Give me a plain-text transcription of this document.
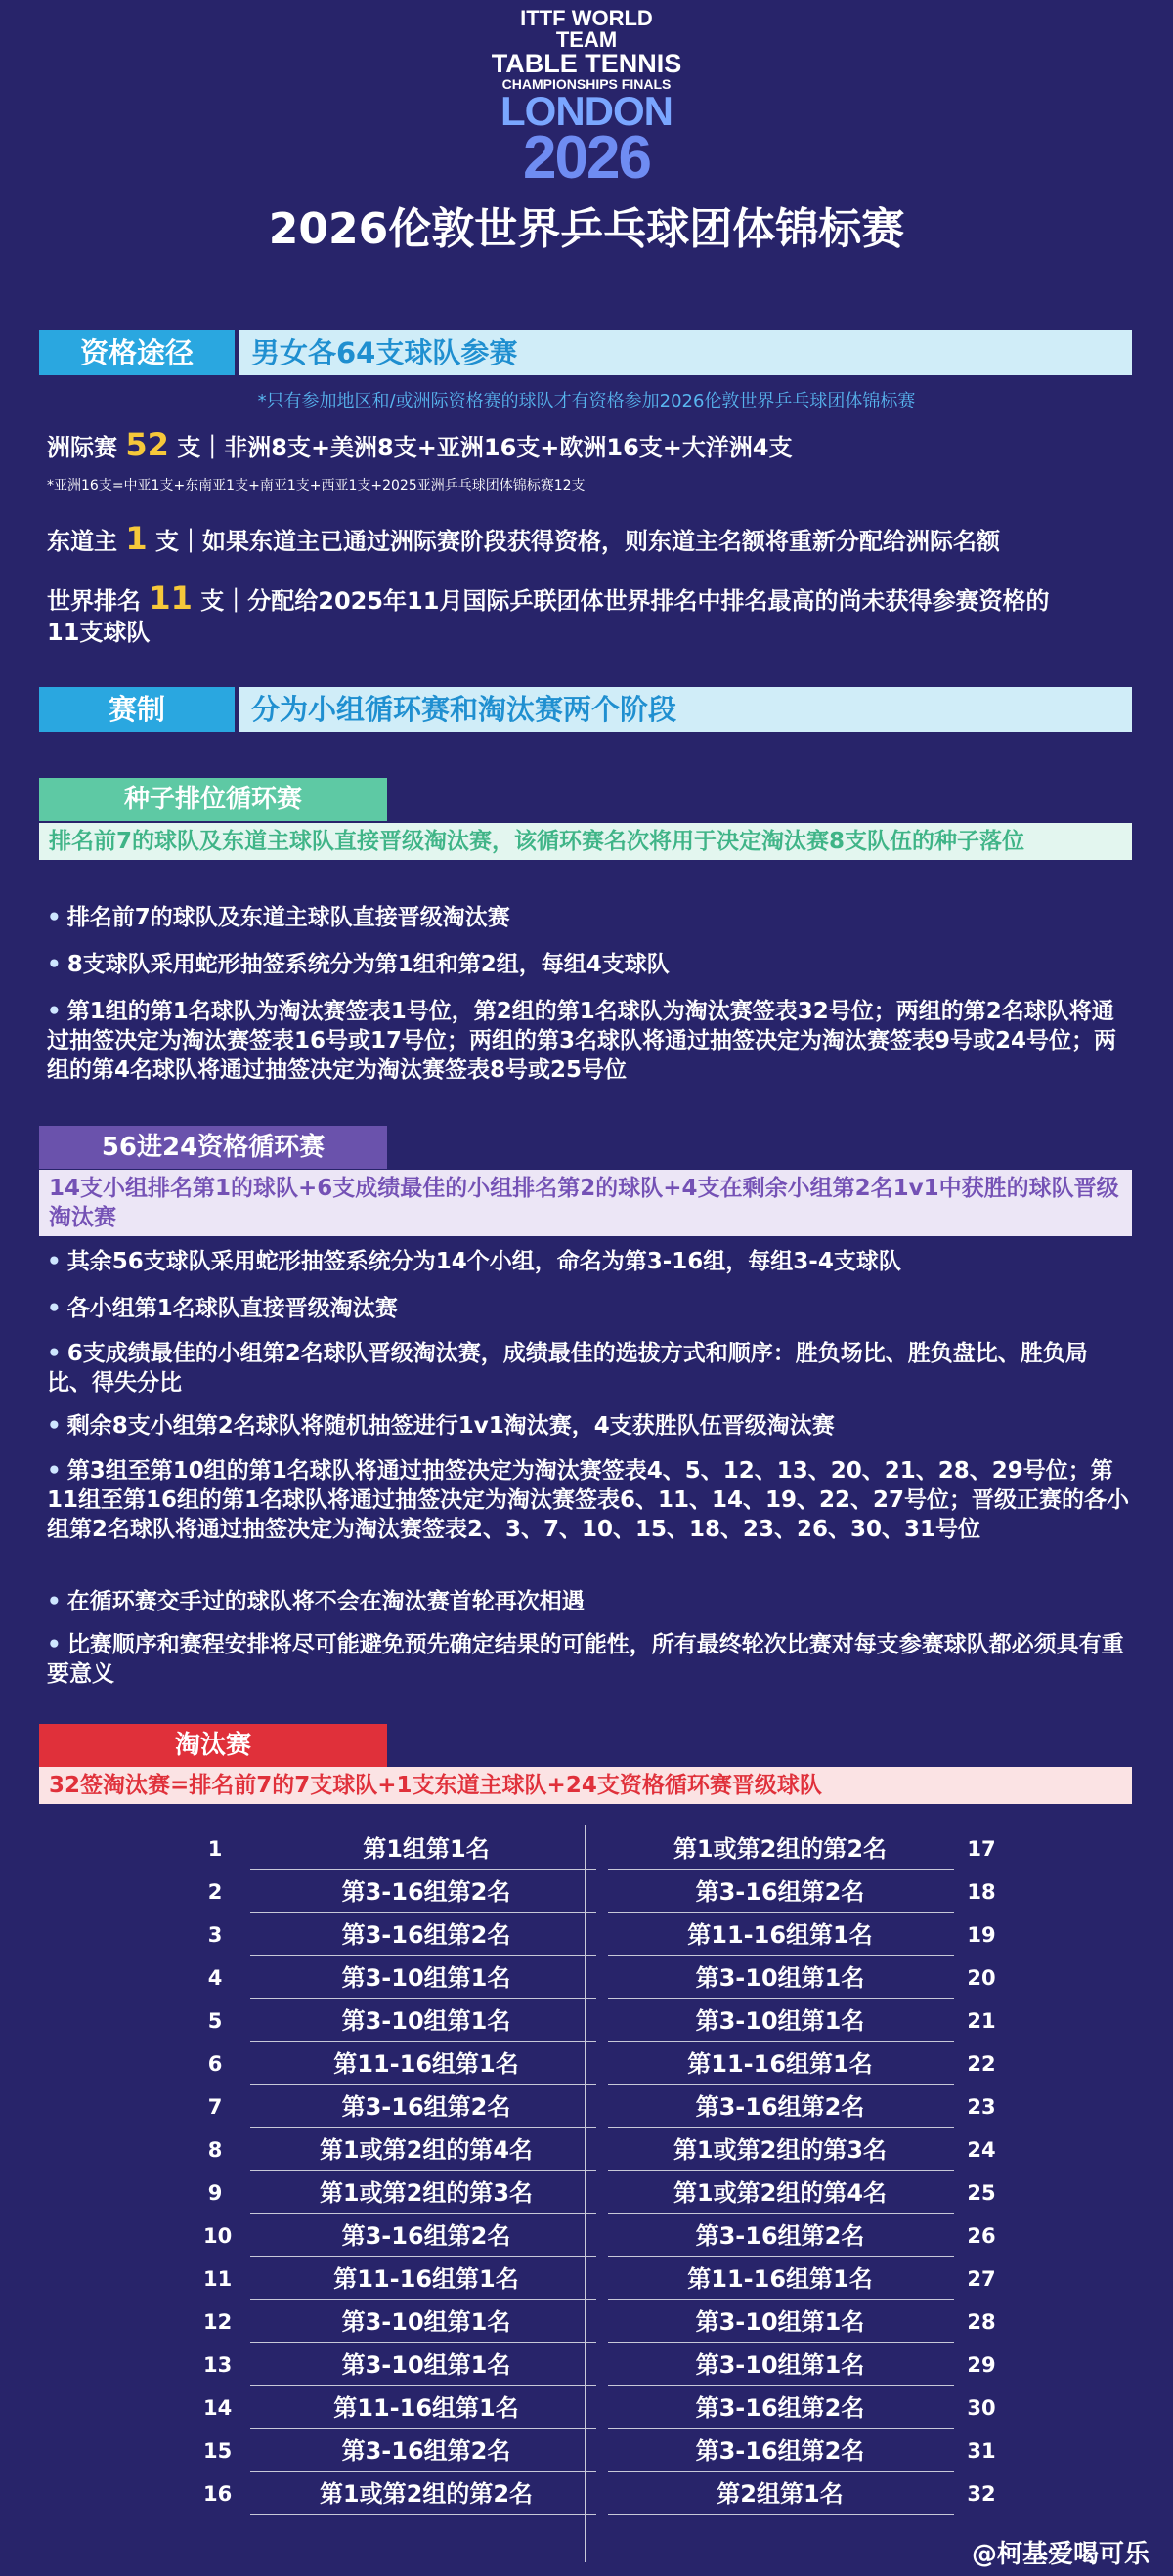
ITTF WORLD TEAM
TABLE TENNIS
CHAMPIONSHIPS FINALS
LONDON
2026
2026伦敦世界乒乓球团体锦标赛
资格途径	男女各64支球队参赛
*只有参加地区和/或洲际资格赛的球队才有资格参加2026伦敦世界乒乓球团体锦标赛
洲际赛 52 支｜非洲8支+美洲8支+亚洲16支+欧洲16支+大洋洲4支
*亚洲16支=中亚1支+东南亚1支+南亚1支+西亚1支+2025亚洲乒乓球团体锦标赛12支
东道主 1 支｜如果东道主已通过洲际赛阶段获得资格，则东道主名额将重新分配给洲际名额
世界排名 11 支｜分配给2025年11月国际乒联团体世界排名中排名最高的尚未获得参赛资格的
11支球队
赛制	分为小组循环赛和淘汰赛两个阶段
种子排位循环赛
排名前7的球队及东道主球队直接晋级淘汰赛，该循环赛名次将用于决定淘汰赛8支队伍的种子落位
• 排名前7的球队及东道主球队直接晋级淘汰赛
• 8支球队采用蛇形抽签系统分为第1组和第2组，每组4支球队
• 第1组的第1名球队为淘汰赛签表1号位，第2组的第1名球队为淘汰赛签表32号位；两组的第2名球队将通过抽签决定为淘汰赛签表16号或17号位；两组的第3名球队将通过抽签决定为淘汰赛签表9号或24号位；两组的第4名球队将通过抽签决定为淘汰赛签表8号或25号位
56进24资格循环赛
14支小组排名第1的球队+6支成绩最佳的小组排名第2的球队+4支在剩余小组第2名1v1中获胜的球队晋级淘汰赛
• 其余56支球队采用蛇形抽签系统分为14个小组，命名为第3-16组，每组3-4支球队
• 各小组第1名球队直接晋级淘汰赛
• 6支成绩最佳的小组第2名球队晋级淘汰赛，成绩最佳的选拔方式和顺序：胜负场比、胜负盘比、胜负局比、得失分比
• 剩余8支小组第2名球队将随机抽签进行1v1淘汰赛，4支获胜队伍晋级淘汰赛
• 第3组至第10组的第1名球队将通过抽签决定为淘汰赛签表4、5、12、13、20、21、28、29号位；第11组至第16组的第1名球队将通过抽签决定为淘汰赛签表6、11、14、19、22、27号位；晋级正赛的各小组第2名球队将通过抽签决定为淘汰赛签表2、3、7、10、15、18、23、26、30、31号位
• 在循环赛交手过的球队将不会在淘汰赛首轮再次相遇
• 比赛顺序和赛程安排将尽可能避免预先确定结果的可能性，所有最终轮次比赛对每支参赛球队都必须具有重要意义
淘汰赛
32签淘汰赛=排名前7的7支球队+1支东道主球队+24支资格循环赛晋级球队
1	第1组第1名	第1或第2组的第2名	17
2	第3-16组第2名	第3-16组第2名	18
3	第3-16组第2名	第11-16组第1名	19
4	第3-10组第1名	第3-10组第1名	20
5	第3-10组第1名	第3-10组第1名	21
6	第11-16组第1名	第11-16组第1名	22
7	第3-16组第2名	第3-16组第2名	23
8	第1或第2组的第4名	第1或第2组的第3名	24
9	第1或第2组的第3名	第1或第2组的第4名	25
10	第3-16组第2名	第3-16组第2名	26
11	第11-16组第1名	第11-16组第1名	27
12	第3-10组第1名	第3-10组第1名	28
13	第3-10组第1名	第3-10组第1名	29
14	第11-16组第1名	第3-16组第2名	30
15	第3-16组第2名	第3-16组第2名	31
16	第1或第2组的第2名	第2组第1名	32
@柯基爱喝可乐
